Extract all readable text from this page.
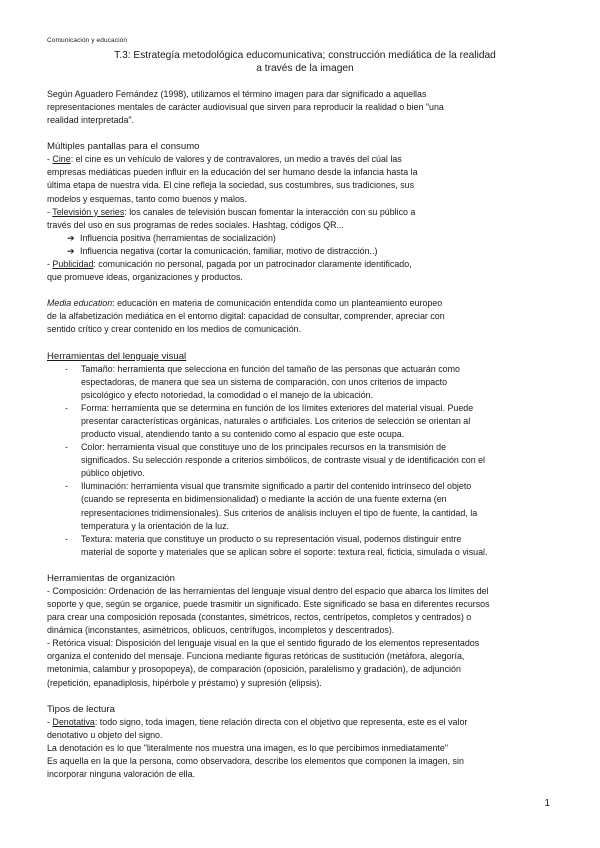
Comunicación y educación
T.3: Estrategía metodológica educomunicativa; construcción mediática de la realidad
a través de la imagen

Según Aguadero Fernández (1998), utilizamos el término imagen para dar significado a aquellas

representaciones mentales de carácter audiovisual que sirven para reproducir la realidad o bien "una

realidad interpretada".

Múltiples pantallas para el consumo

- Cine: el cine es un vehículo de valores y de contravalores, un medio a través del cúal las

empresas mediáticas pueden influir en la educación del ser humano desde la infancia hasta la

última etapa de nuestra vida. El cine refleja la sociedad, sus costumbres, sus tradiciones, sus

modelos y esquemas, tanto como buenos y malos.

- Televisión y series: los canales de televisión buscan fomentar la interacción con su público a

través del uso en sus programas de redes sociales. Hashtag, códigos QR...

➔ Influencia positiva (herramientas de socialización)

➔ Influencia negativa (cortar la comunicación, familiar, motivo de distracción..)

- Publicidad: comunicación no personal, pagada por un patrocinador claramente identificado,

que promueve ideas, organizaciones y productos.

Media education: educación en materia de comunicación entendida como un planteamiento europeo

de la alfabetización mediática en el entorno digital: capacidad de consultar, comprender, apreciar con

sentido crítico y crear contenido en los medios de comunicación.

Herramientas del lenguaje visual

- Tamaño: herramienta que selecciona en función del tamaño de las personas que actuarán como

espectadoras, de manera que sea un sistema de comparación, con unos criterios de impacto

psicológico y efecto notoriedad, la comodidad o el manejo de la ubicación.

- Forma: herramienta que se determina en función de los límites exteriores del material visual. Puede

presentar características orgánicas, naturales o artificiales. Los criterios de selección se orientan al

producto visual, atendiendo tanto a su contenido como al espacio que este ocupa.

- Color: herramienta visual que constituye uno de los principales recursos en la transmisión de

significados. Su selección responde a criterios simbólicos, de contraste visual y de identificación con el

público objetivo.

- Iluminación: herramienta visual que transmite significado a partir del contenido intrínseco del objeto

(cuando se representa en bidimensionalidad) o mediante la acción de una fuente externa (en

representaciones tridimensionales). Sus criterios de análisis incluyen el tipo de fuente, la cantidad, la

temperatura y la orientación de la luz.

- Textura: materia que constituye un producto o su representación visual, podemos distinguir entre

material de soporte y materiales que se aplican sobre el soporte: textura real, ficticia, simulada o visual.

Herramientas de organización

- Composición: Ordenación de las herramientas del lenguaje visual dentro del espacio que abarca los límites del

soporte y que, según se organice, puede trasmitir un significado. Este significado se basa en diferentes recursos

para crear una composición reposada (constantes, simétricos, rectos, centrípetos, completos y centrados) o

dinámica (inconstantes, asimétricos, oblicuos, centrífugos, incompletos y descentrados).

- Retórica visual: Disposición del lenguaje visual en la que el sentido figurado de los elementos representados

organiza el contenido del mensaje. Funciona mediante figuras retóricas de sustitución (metáfora, alegoría,

metonimia, calambur y prosopopeya), de comparación (oposición, paralelismo y gradación), de adjunción

(repetición, epanadiplosis, hipérbole y préstamo) y supresión (elipsis).

Tipos de lectura

- Denotativa: todo signo, toda imagen, tiene relación directa con el objetivo que representa, este es el valor

denotativo u objeto del signo.

La denotación es lo que "literalmente nos muestra una imagen, es lo que percibimos inmediatamente"

Es aquella en la que la persona, como observadora, describe los elementos que componen la imagen, sin

incorporar ninguna valoración de ella.

1
